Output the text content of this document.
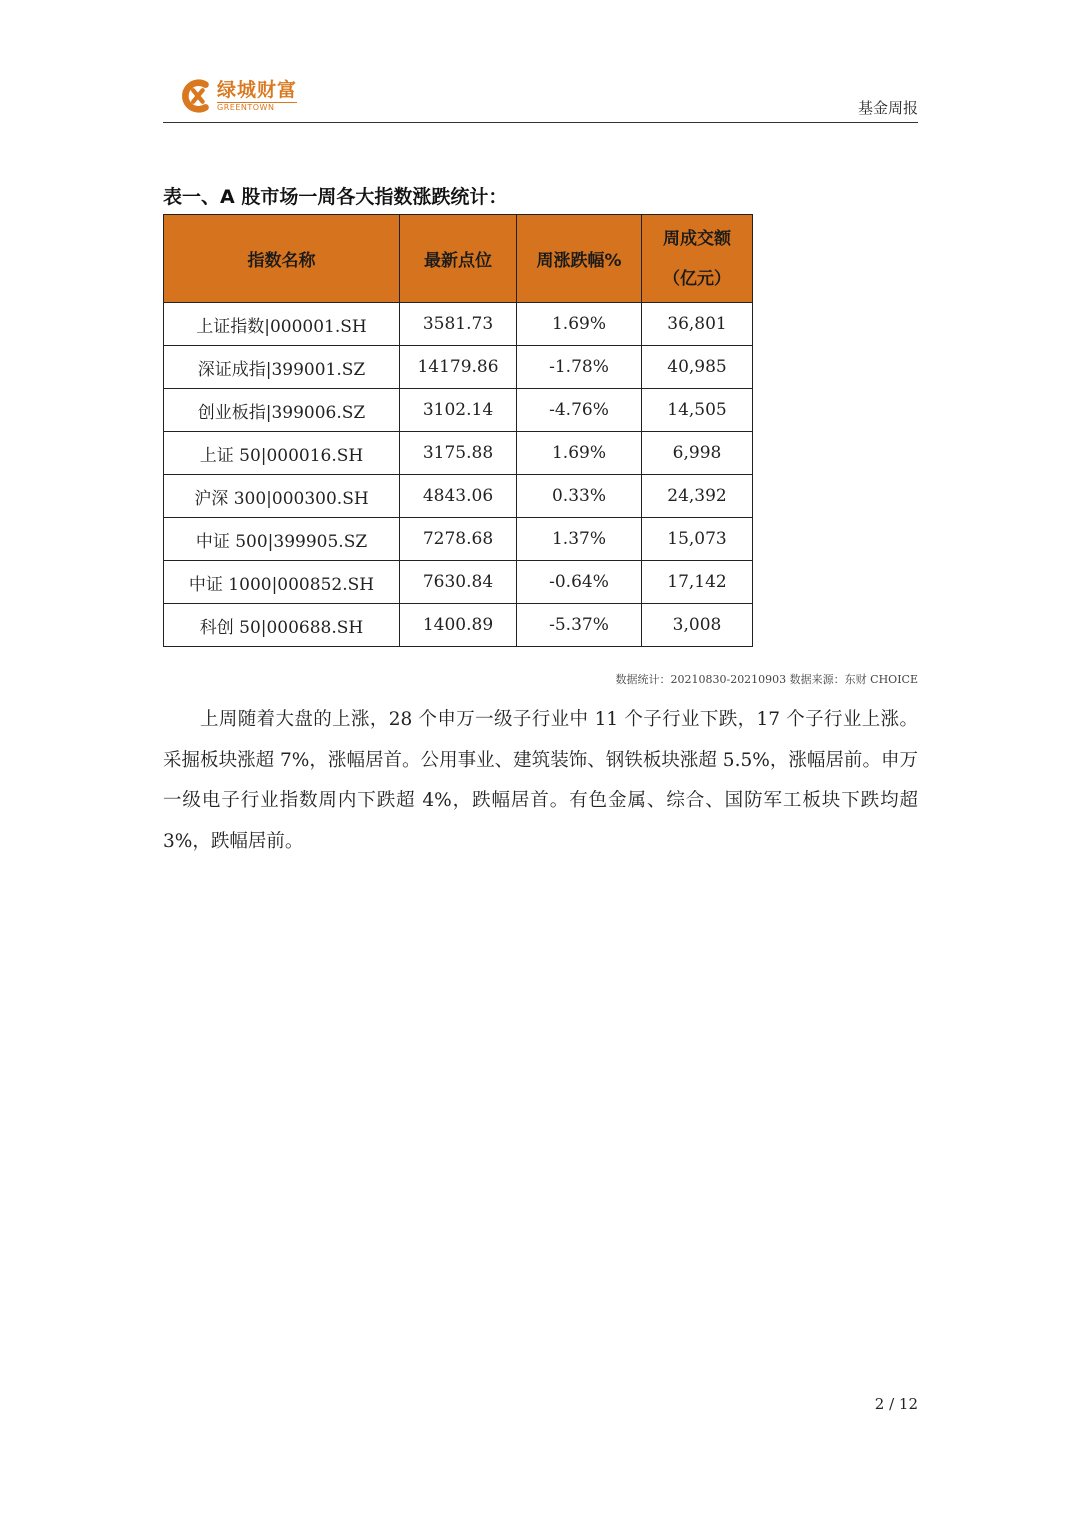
绿城财富
GREENTOWN	基金周报
表一、A 股市场一周各大指数涨跌统计：
指数名称	最新点位	周涨跌幅%	周成交额
（亿元）

上证指数|000001.SH	3581.73	1.69%	36,801
深证成指|399001.SZ	14179.86	-1.78%	40,985
创业板指|399006.SZ	3102.14	-4.76%	14,505
上证 50|000016.SH	3175.88	1.69%	6,998
沪深 300|000300.SH	4843.06	0.33%	24,392
中证 500|399905.SZ	7278.68	1.37%	15,073
中证 1000|000852.SH	7630.84	-0.64%	17,142
科创 50|000688.SH	1400.89	-5.37%	3,008
数据统计：20210830-20210903 数据来源：东财 CHOICE

上周随着大盘的上涨，28 个申万一级子行业中 11 个子行业下跌，17 个子行业上涨。采掘板块涨超 7%，涨幅居首。公用事业、建筑装饰、钢铁板块涨超 5.5%，涨幅居前。申万一级电子行业指数周内下跌超 4%，跌幅居首。有色金属、综合、国防军工板块下跌均超 3%，跌幅居前。

2 / 12
